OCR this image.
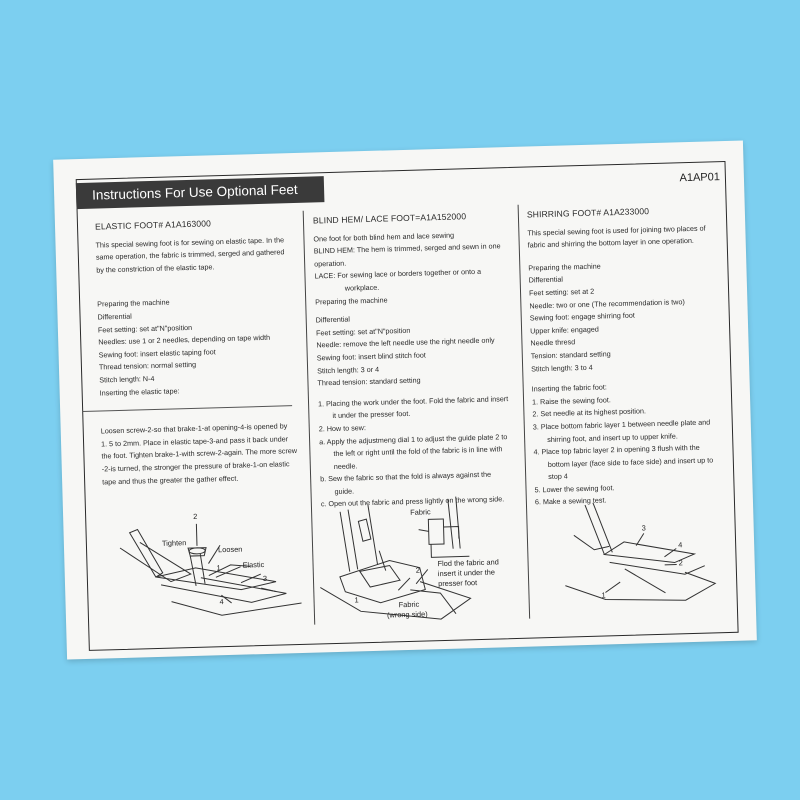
Instructions For Use Optional Feet
A1AP01

ELASTIC FOOT# A1A163000

This special sewing foot is for sewing on elastic tape. In the

same operation, the fabric is trimmed, serged and gathered

by the constriction of the elastic tape.

Preparing the machine

Differential

Feet setting: set at"N"position

Needles: use 1 or 2 needles, depending on tape width

Sewing foot: insert elastic taping foot

Thread tension: normal setting

Stitch length: N-4

Inserting the elastic tape:

Loosen screw-2-so that brake-1-at opening-4-is opened by

1. 5 to 2mm. Place in elastic tape-3-and pass it back under

the foot. Tighten brake-1-with screw-2-again. The more screw

-2-is turned, the stronger the pressure of brake-1-on elastic

tape and thus the greater the gather effect.

2
Tighten
Loosen
Elastic
1
3
4

BLIND HEM/ LACE FOOT=A1A152000

One foot for both blind hem and lace sewing

BLIND HEM: The hem is trimmed, serged and sewn in one

operation.

LACE: For sewing lace or borders together or onto a

workplace.

Preparing the machine

Differential

Feet setting: set at"N"position

Needle: remove the left needle use the right needle only

Sewing foot: insert blind stitch foot

Stitch length: 3 or 4

Thread tension: standard setting

1. Placing the work under the foot. Fold the fabric and insert

it under the presser foot.

2. How to sew:

a. Apply the adjustmeng dial 1 to adjust the guide plate 2 to

the left or right until the fold of the fabric is in line with

needle.

b. Sew the fabric so that the fold is always against the

guide.

c. Open out the fabric and press lightly on the wrong side.

Fabric
Flod the fabric and
insert it under the
presser foot
2
1	Fabric
(wrong side)

SHIRRING FOOT# A1A233000

This special sewing foot is used for joining two places of

fabric and shirring the bottom layer in one operation.

Preparing the machine

Differential

Feet setting: set at 2

Needle: two or one (The recommendation is two)

Sewing foot: engage shirring foot

Upper knife: engaged

Needle thresd

Tension: standard setting

Stitch length: 3 to 4

Inserting the fabric foot:

1. Raise the sewing foot.

2. Set needle at its highest position.

3. Place bottom fabric layer 1 between needle plate and

shirring foot, and insert up to upper knife.

4. Place top fabric layer 2 in opening 3 flush with the

bottom layer (face side to face side) and insert up to

stop 4

5. Lower the sewing foot.

6. Make a sewing test.

3
4
2
1
